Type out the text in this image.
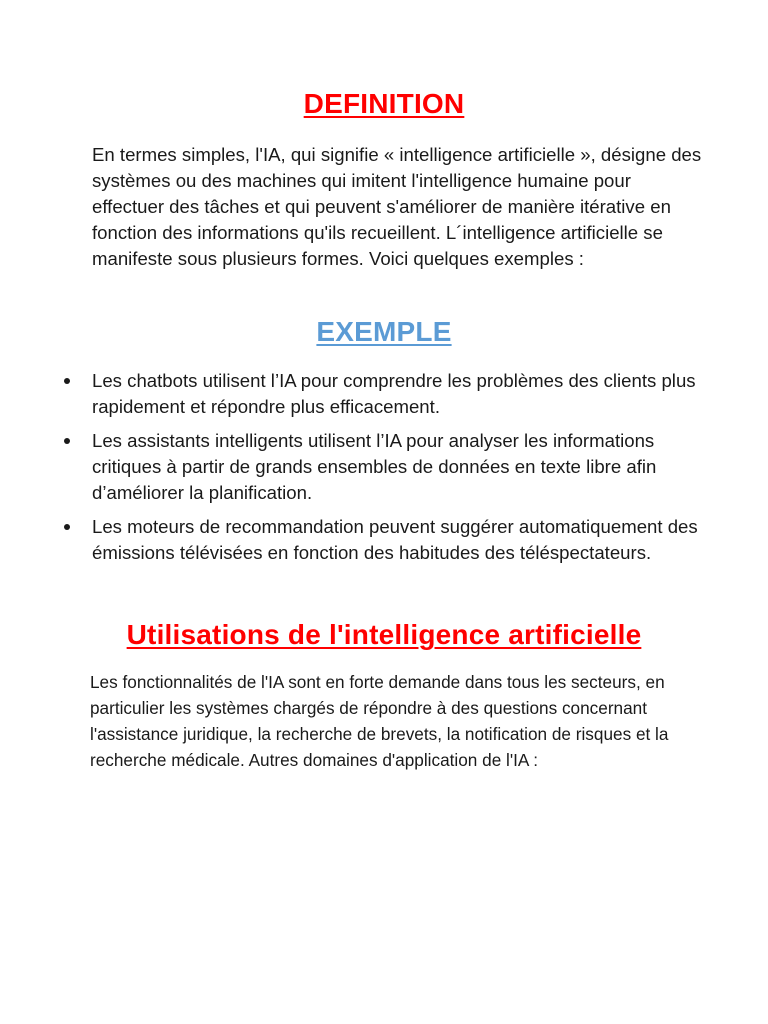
DEFINITION

En termes simples, l'IA, qui signifie « intelligence artificielle », désigne des systèmes ou des machines qui imitent l'intelligence humaine pour effectuer des tâches et qui peuvent s'améliorer de manière itérative en fonction des informations qu'ils recueillent. L´intelligence artificielle se manifeste sous plusieurs formes. Voici quelques exemples :

EXEMPLE
Les chatbots utilisent l’IA pour comprendre les problèmes des clients plus rapidement et répondre plus efficacement.
Les assistants intelligents utilisent l’IA pour analyser les informations critiques à partir de grands ensembles de données en texte libre afin d’améliorer la planification.
Les moteurs de recommandation peuvent suggérer automatiquement des émissions télévisées en fonction des habitudes des téléspectateurs.
Utilisations de l'intelligence artificielle

Les fonctionnalités de l'IA sont en forte demande dans tous les secteurs, en particulier les systèmes chargés de répondre à des questions concernant l'assistance juridique, la recherche de brevets, la notification de risques et la recherche médicale. Autres domaines d'application de l'IA :
